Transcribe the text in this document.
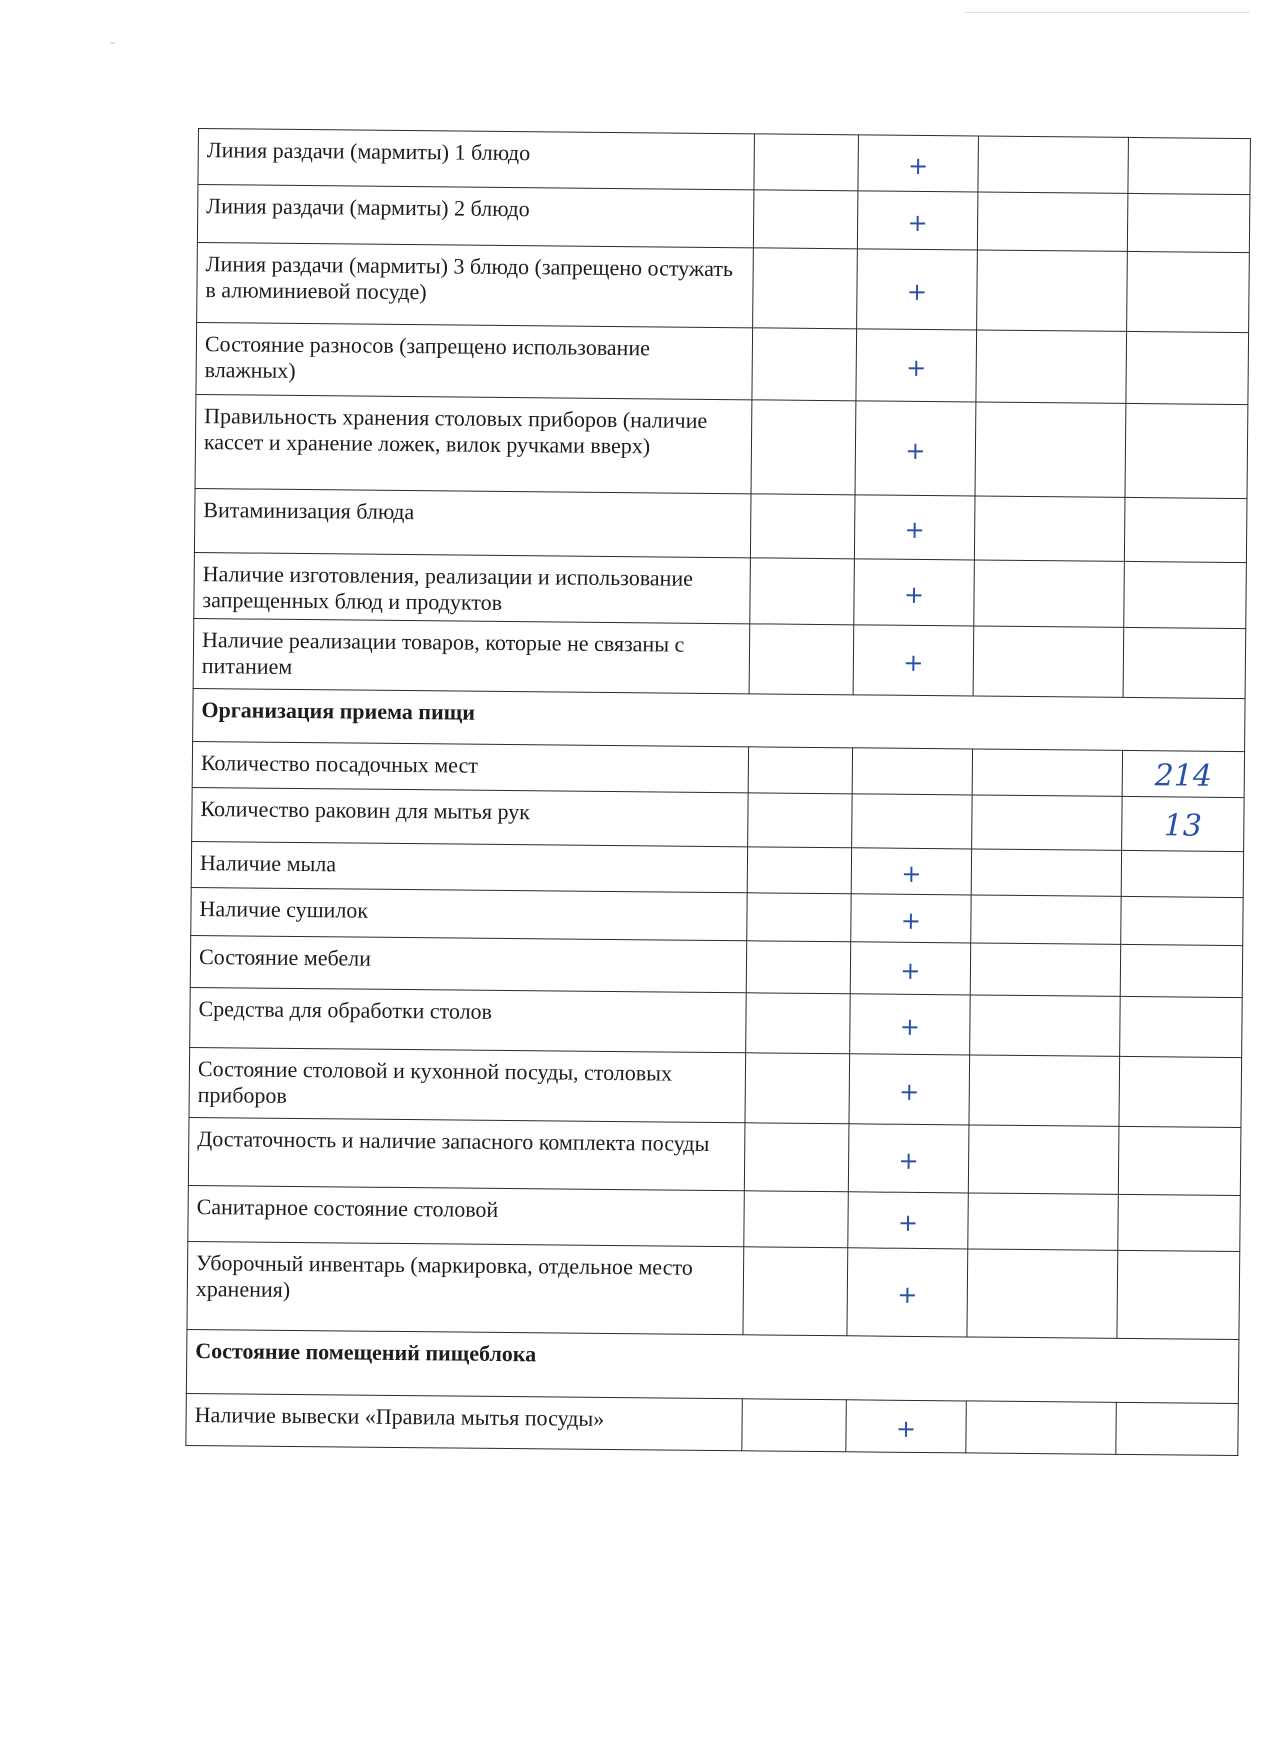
Линия раздачи (мармиты) 1 блюдо		+		
Линия раздачи (мармиты) 2 блюдо		+		
Линия раздачи (мармиты) 3 блюдо (запрещено остужать в алюминиевой посуде)		+		
Состояние разносов (запрещено использование влажных)		+		
Правильность хранения столовых приборов (наличие кассет и хранение ложек, вилок ручками вверх)		+		
Витаминизация блюда		+		
Наличие изготовления, реализации и использование запрещенных блюд и продуктов		+		
Наличие реализации товаров, которые не связаны с питанием		+		
Организация приема пищи				
Количество посадочных мест				214
Количество раковин для мытья рук				13
Наличие мыла		+		
Наличие сушилок		+		
Состояние мебели		+		
Средства для обработки столов		+		
Состояние столовой и кухонной посуды, столовых приборов		+		
Достаточность и наличие запасного комплекта посуды		+		
Санитарное состояние столовой		+		
Уборочный инвентарь (маркировка, отдельное место хранения)		+		
Состояние помещений пищеблока				
Наличие вывески «Правила мытья посуды»		+		
